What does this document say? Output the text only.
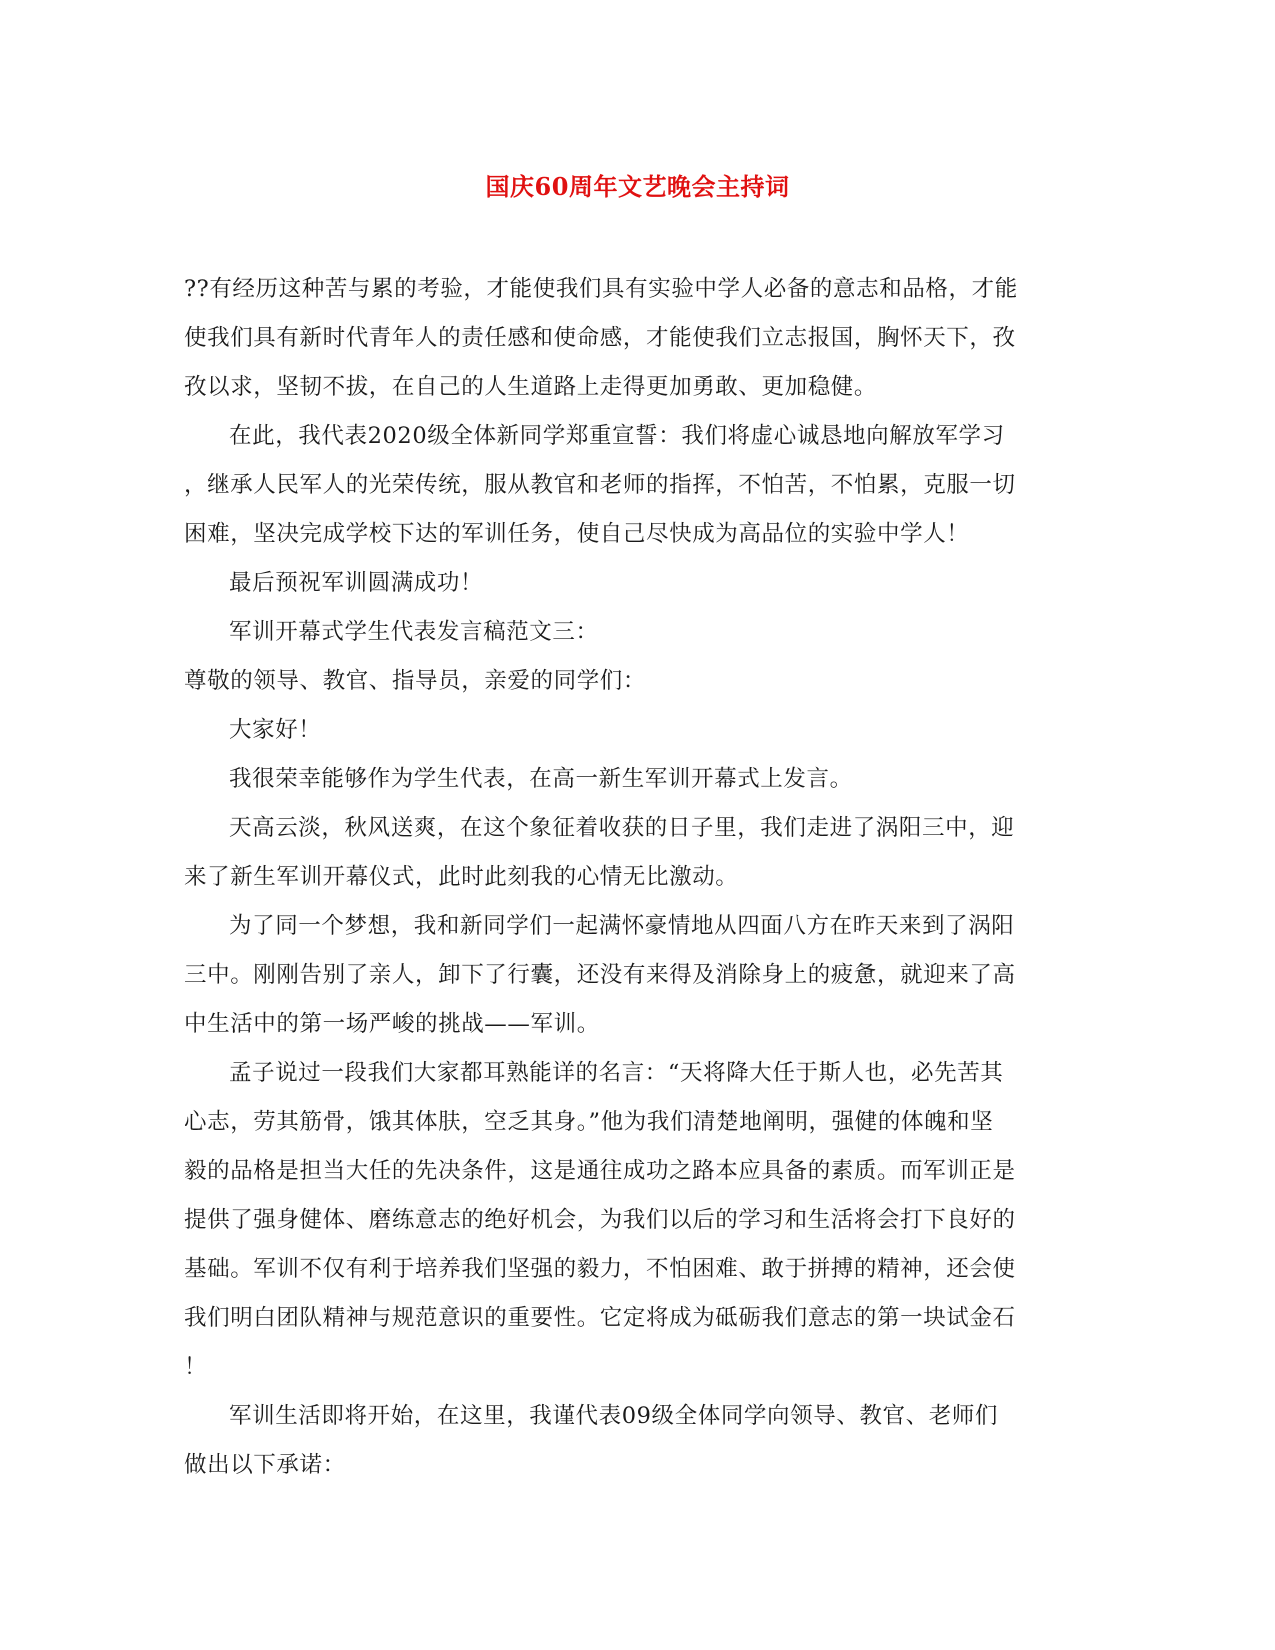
国庆60周年文艺晚会主持词

??有经历这种苦与累的考验，才能使我们具有实验中学人必备的意志和品格，才能
使我们具有新时代青年人的责任感和使命感，才能使我们立志报国，胸怀天下，孜
孜以求，坚韧不拔，在自己的人生道路上走得更加勇敢、更加稳健。

在此，我代表2020级全体新同学郑重宣誓：我们将虚心诚恳地向解放军学习
，继承人民军人的光荣传统，服从教官和老师的指挥，不怕苦，不怕累，克服一切
困难，坚决完成学校下达的军训任务，使自己尽快成为高品位的实验中学人！

最后预祝军训圆满成功！

军训开幕式学生代表发言稿范文三：

尊敬的领导、教官、指导员，亲爱的同学们：

大家好！

我很荣幸能够作为学生代表，在高一新生军训开幕式上发言。

天高云淡，秋风送爽，在这个象征着收获的日子里，我们走进了涡阳三中，迎
来了新生军训开幕仪式，此时此刻我的心情无比激动。

为了同一个梦想，我和新同学们一起满怀豪情地从四面八方在昨天来到了涡阳
三中。刚刚告别了亲人，卸下了行囊，还没有来得及消除身上的疲惫，就迎来了高
中生活中的第一场严峻的挑战——军训。

孟子说过一段我们大家都耳熟能详的名言：“天将降大任于斯人也，必先苦其
心志，劳其筋骨，饿其体肤，空乏其身。”他为我们清楚地阐明，强健的体魄和坚
毅的品格是担当大任的先决条件，这是通往成功之路本应具备的素质。而军训正是
提供了强身健体、磨练意志的绝好机会，为我们以后的学习和生活将会打下良好的
基础。军训不仅有利于培养我们坚强的毅力，不怕困难、敢于拼搏的精神，还会使
我们明白团队精神与规范意识的重要性。它定将成为砥砺我们意志的第一块试金石
！

军训生活即将开始，在这里，我谨代表09级全体同学向领导、教官、老师们
做出以下承诺：
